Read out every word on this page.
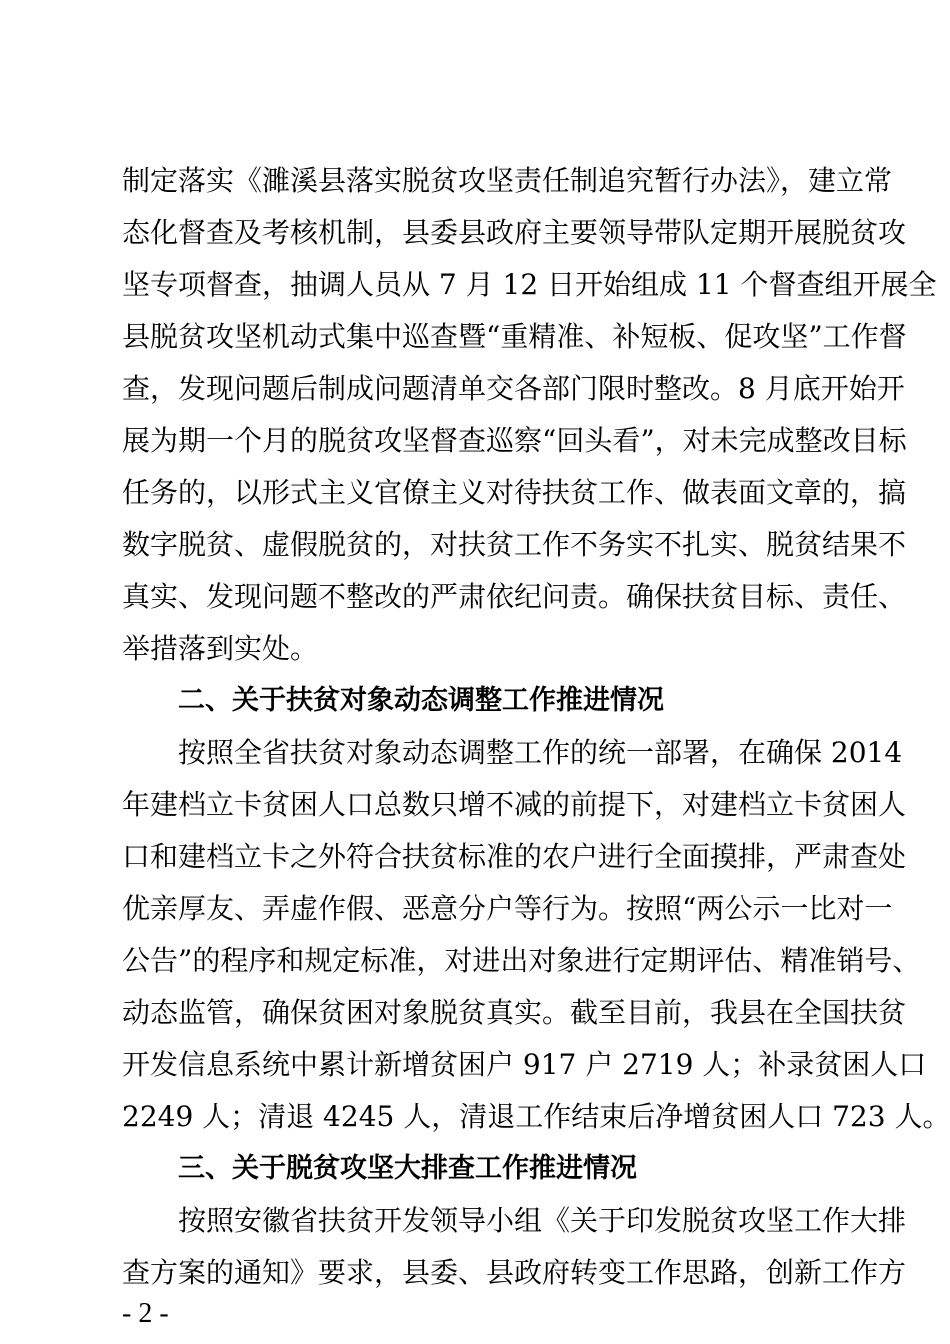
制定落实《濉溪县落实脱贫攻坚责任制追究暂行办法》，建立常
态化督查及考核机制，县委县政府主要领导带队定期开展脱贫攻
坚专项督查，抽调人员从 7 月 12 日开始组成 11 个督查组开展全
县脱贫攻坚机动式集中巡查暨“重精准、补短板、促攻坚”工作督
查，发现问题后制成问题清单交各部门限时整改。8 月底开始开
展为期一个月的脱贫攻坚督查巡察“回头看”，对未完成整改目标
任务的，以形式主义官僚主义对待扶贫工作、做表面文章的，搞
数字脱贫、虚假脱贫的，对扶贫工作不务实不扎实、脱贫结果不
真实、发现问题不整改的严肃依纪问责。确保扶贫目标、责任、
举措落到实处。
二、关于扶贫对象动态调整工作推进情况
按照全省扶贫对象动态调整工作的统一部署，在确保 2014
年建档立卡贫困人口总数只增不减的前提下，对建档立卡贫困人
口和建档立卡之外符合扶贫标准的农户进行全面摸排，严肃查处
优亲厚友、弄虚作假、恶意分户等行为。按照“两公示一比对一
公告”的程序和规定标准，对进出对象进行定期评估、精准销号、
动态监管，确保贫困对象脱贫真实。截至目前，我县在全国扶贫
开发信息系统中累计新增贫困户 917 户 2719 人；补录贫困人口
2249 人；清退 4245 人，清退工作结束后净增贫困人口 723 人。
三、关于脱贫攻坚大排查工作推进情况
按照安徽省扶贫开发领导小组《关于印发脱贫攻坚工作大排
查方案的通知》要求，县委、县政府转变工作思路，创新工作方
- 2 -
